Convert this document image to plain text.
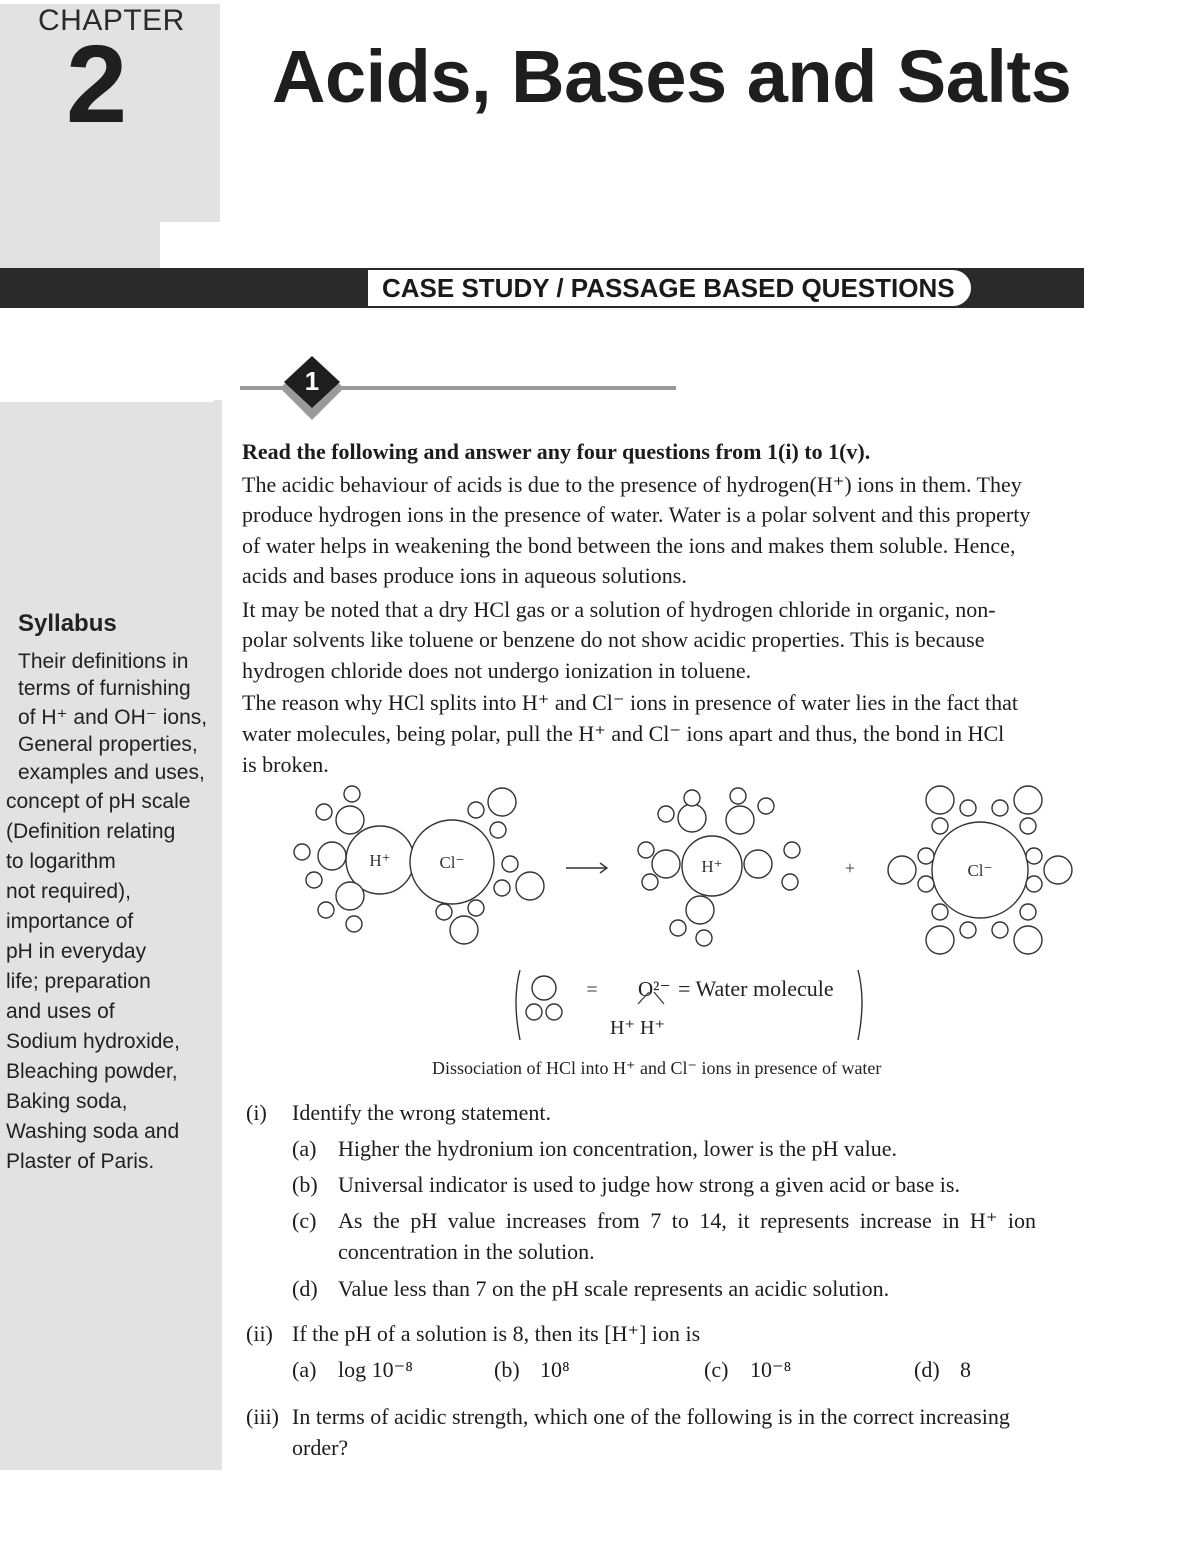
CHAPTER
2 Acids, Bases and Salts
CASE STUDY / PASSAGE BASED QUESTIONS
1
Syllabus
Their definitions in
terms of furnishing
of H⁺ and OH⁻ ions,
General properties,
examples and uses,
concept of pH scale
(Definition relating
to logarithm
not required),
importance of
pH in everyday
life; preparation
and uses of
Sodium hydroxide,
Bleaching powder,
Baking soda,
Washing soda and
Plaster of Paris.
Read the following and answer any four questions from 1(i) to 1(v).
The acidic behaviour of acids is due to the presence of hydrogen(H⁺) ions in them. They
produce hydrogen ions in the presence of water. Water is a polar solvent and this property
of water helps in weakening the bond between the ions and makes them soluble. Hence,
acids and bases produce ions in aqueous solutions.
It may be noted that a dry HCl gas or a solution of hydrogen chloride in organic, non-
polar solvents like toluene or benzene do not show acidic properties. This is because
hydrogen chloride does not undergo ionization in toluene.
The reason why HCl splits into H⁺ and Cl⁻ ions in presence of water lies in the fact that
water molecules, being polar, pull the H⁺ and Cl⁻ ions apart and thus, the bond in HCl
is broken.
H⁺	Cl⁻	H⁺	+	Cl⁻
= O²⁻ = Water molecule
H⁺ H⁺
Dissociation of HCl into H⁺ and Cl⁻ ions in presence of water
(i) Identify the wrong statement.
(a) Higher the hydronium ion concentration, lower is the pH value.
(b) Universal indicator is used to judge how strong a given acid or base is.
(c) As the pH value increases from 7 to 14, it represents increase in H⁺ ion
concentration in the solution.
(d) Value less than 7 on the pH scale represents an acidic solution.
(ii) If the pH of a solution is 8, then its [H⁺] ion is
(a) log 10⁻⁸	(b) 10⁸	(c) 10⁻⁸	(d) 8
(iii) In terms of acidic strength, which one of the following is in the correct increasing
order?
